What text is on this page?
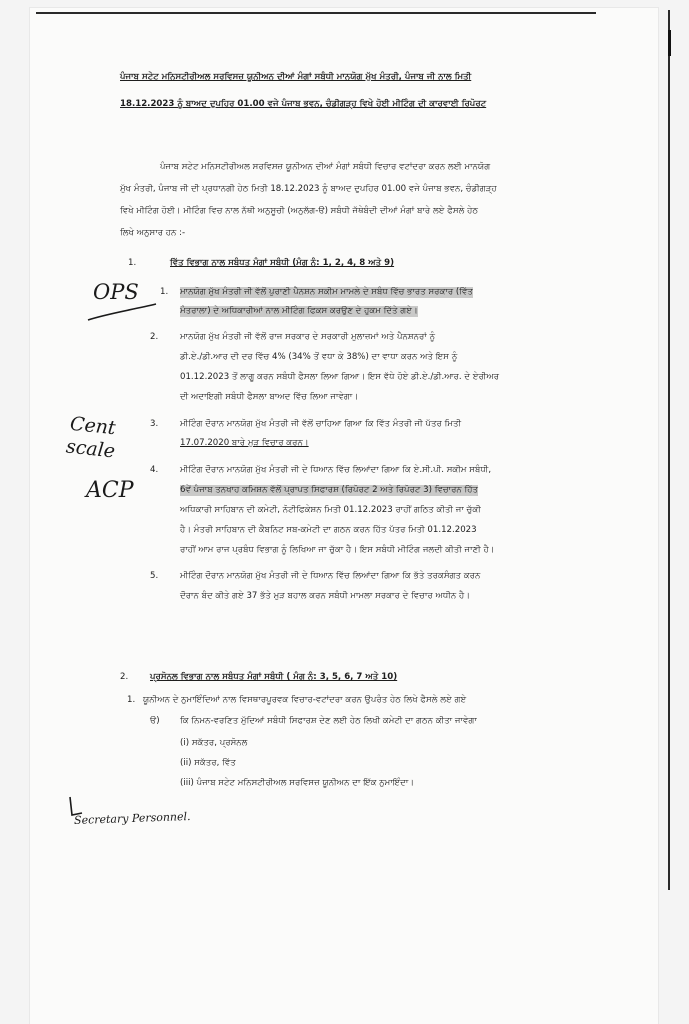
ਪੰਜਾਬ ਸਟੇਟ ਮਨਿਸਟੀਰੀਅਲ ਸਰਵਿਸਜ਼ ਯੂਨੀਅਨ ਦੀਆਂ ਮੰਗਾਂ ਸਬੰਧੀ ਮਾਨਯੋਗ ਮੁੱਖ ਮੰਤਰੀ, ਪੰਜਾਬ ਜੀ ਨਾਲ ਮਿਤੀ
18.12.2023 ਨੂੰ ਬਾਅਦ ਦੁਪਹਿਰ 01.00 ਵਜੇ ਪੰਜਾਬ ਭਵਨ, ਚੰਡੀਗੜ੍ਹ ਵਿਖੇ ਹੋਈ ਮੀਟਿੰਗ ਦੀ ਕਾਰਵਾਈ ਰਿਪੋਰਟ
ਪੰਜਾਬ ਸਟੇਟ ਮਨਿਸਟੀਰੀਅਲ ਸਰਵਿਸਜ਼ ਯੂਨੀਅਨ ਦੀਆਂ ਮੰਗਾਂ ਸਬੰਧੀ ਵਿਚਾਰ ਵਟਾਂਦਰਾ ਕਰਨ ਲਈ ਮਾਨਯੋਗ
ਮੁੱਖ ਮੰਤਰੀ, ਪੰਜਾਬ ਜੀ ਦੀ ਪ੍ਰਧਾਨਗੀ ਹੇਠ ਮਿਤੀ 18.12.2023 ਨੂੰ ਬਾਅਦ ਦੁਪਹਿਰ 01.00 ਵਜੇ ਪੰਜਾਬ ਭਵਨ, ਚੰਡੀਗੜ੍ਹ
ਵਿਖੇ ਮੀਟਿੰਗ ਹੋਈ। ਮੀਟਿੰਗ ਵਿਚ ਨਾਲ ਨੱਥੀ ਅਨੁਸੂਚੀ (ਅਨੁਲੱਗ-ੳ) ਸਬੰਧੀ ਜੱਥੇਬੰਦੀ ਦੀਆਂ ਮੰਗਾਂ ਬਾਰੇ ਲਏ ਫੈਸਲੇ ਹੇਠ
ਲਿਖੇ ਅਨੁਸਾਰ ਹਨ :-
1.	ਵਿੱਤ ਵਿਭਾਗ ਨਾਲ ਸਬੰਧਤ ਮੰਗਾਂ ਸਬੰਧੀ (ਮੰਗ ਨੰ: 1, 2, 4, 8 ਅਤੇ 9)
1. ਮਾਨਯੋਗ ਮੁੱਖ ਮੰਤਰੀ ਜੀ ਵੱਲੋਂ ਪੁਰਾਣੀ ਪੈਨਸ਼ਨ ਸਕੀਮ ਮਾਮਲੇ ਦੇ ਸਬੰਧ ਵਿੱਚ ਭਾਰਤ ਸਰਕਾਰ (ਵਿੱਤ
ਮੰਤਰਾਲਾ) ਦੇ ਅਧਿਕਾਰੀਆਂ ਨਾਲ ਮੀਟਿੰਗ ਫਿਕਸ ਕਰਉਣ ਦੇ ਹੁਕਮ ਦਿੱਤੇ ਗਏ।
2.	ਮਾਨਯੋਗ ਮੁੱਖ ਮੰਤਰੀ ਜੀ ਵੱਲੋਂ ਰਾਜ ਸਰਕਾਰ ਦੇ ਸਰਕਾਰੀ ਮੁਲਾਜ਼ਮਾਂ ਅਤੇ ਪੈਨਸ਼ਨਰਾਂ ਨੂੰ
ਡੀ.ਏ./ਡੀ.ਆਰ ਦੀ ਦਰ ਵਿੱਚ 4% (34% ਤੋਂ ਵਧਾ ਕੇ 38%) ਦਾ ਵਾਧਾ ਕਰਨ ਅਤੇ ਇਸ ਨੂੰ
01.12.2023 ਤੋਂ ਲਾਗੂ ਕਰਨ ਸਬੰਧੀ ਫੈਸਲਾ ਲਿਆ ਗਿਆ। ਇਸ ਵੱਧੇ ਹੋਏ ਡੀ.ਏ./ਡੀ.ਆਰ. ਦੇ ਏਰੀਅਰ
ਦੀ ਅਦਾਇਗੀ ਸਬੰਧੀ ਫੈਸਲਾ ਬਾਅਦ ਵਿੱਚ ਲਿਆ ਜਾਵੇਗਾ।
3.	ਮੀਟਿੰਗ ਦੌਰਾਨ ਮਾਨਯੋਗ ਮੁੱਖ ਮੰਤਰੀ ਜੀ ਵੱਲੋਂ ਚਾਹਿਆ ਗਿਆ ਕਿ ਵਿੱਤ ਮੰਤਰੀ ਜੀ ਪੱਤਰ ਮਿਤੀ
17.07.2020 ਬਾਰੇ ਮੁੜ ਵਿਚਾਰ ਕਰਨ।
4.	ਮੀਟਿੰਗ ਦੌਰਾਨ ਮਾਨਯੋਗ ਮੁੱਖ ਮੰਤਰੀ ਜੀ ਦੇ ਧਿਆਨ ਵਿੱਚ ਲਿਆਂਦਾ ਗਿਆ ਕਿ ਏ.ਸੀ.ਪੀ. ਸਕੀਮ ਸਬੰਧੀ,
6ਵੇਂ ਪੰਜਾਬ ਤਨਖਾਹ ਕਮਿਸ਼ਨ ਵੱਲੋਂ ਪ੍ਰਾਪਤ ਸਿਫਾਰਸ਼ (ਰਿਪੋਰਟ 2 ਅਤੇ ਰਿਪੋਰਟ 3) ਵਿਚਾਰਨ ਹਿੱਤ
ਅਧਿਕਾਰੀ ਸਾਹਿਬਾਨ ਦੀ ਕਮੇਟੀ, ਨੋਟੀਫਿਕੇਸ਼ਨ ਮਿਤੀ 01.12.2023 ਰਾਹੀਂ ਗਠਿਤ ਕੀਤੀ ਜਾ ਚੁੱਕੀ
ਹੈ। ਮੰਤਰੀ ਸਾਹਿਬਾਨ ਦੀ ਕੈਬਨਿਟ ਸਬ-ਕਮੇਟੀ ਦਾ ਗਠਨ ਕਰਨ ਹਿੱਤ ਪੱਤਰ ਮਿਤੀ 01.12.2023
ਰਾਹੀਂ ਆਮ ਰਾਜ ਪ੍ਰਬੰਧ ਵਿਭਾਗ ਨੂੰ ਲਿਖਿਆ ਜਾ ਚੁੱਕਾ ਹੈ। ਇਸ ਸਬੰਧੀ ਮੀਟਿੰਗ ਜਲਦੀ ਕੀਤੀ ਜਾਣੀ ਹੈ।
5.	ਮੀਟਿੰਗ ਦੌਰਾਨ ਮਾਨਯੋਗ ਮੁੱਖ ਮੰਤਰੀ ਜੀ ਦੇ ਧਿਆਨ ਵਿੱਚ ਲਿਆਂਦਾ ਗਿਆ ਕਿ ਭੱਤੇ ਤਰਕਸੰਗਤ ਕਰਨ
ਦੌਰਾਨ ਬੰਦ ਕੀਤੇ ਗਏ 37 ਭੱਤੇ ਮੁੜ ਬਹਾਲ ਕਰਨ ਸਬੰਧੀ ਮਾਮਲਾ ਸਰਕਾਰ ਦੇ ਵਿਚਾਰ ਅਧੀਨ ਹੈ।
2.	ਪ੍ਰਸੋਨਲ ਵਿਭਾਗ ਨਾਲ ਸਬੰਧਤ ਮੰਗਾਂ ਸਬੰਧੀ ( ਮੰਗ ਨੰ: 3, 5, 6, 7 ਅਤੇ 10)
1. ਯੂਨੀਅਨ ਦੇ ਨੁਮਾਇੰਦਿਆਂ ਨਾਲ ਵਿਸਥਾਰਪੂਰਵਕ ਵਿਚਾਰ-ਵਟਾਂਦਰਾ ਕਰਨ ਉਪਰੰਤ ਹੇਠ ਲਿਖੇ ਫੈਸਲੇ ਲਏ ਗਏ
ੳ) ਕਿ ਨਿਮਨ-ਵਰਣਿਤ ਮੁੱਦਿਆਂ ਸਬੰਧੀ ਸਿਫਾਰਸ਼ ਦੇਣ ਲਈ ਹੇਠ ਲਿਖੀ ਕਮੇਟੀ ਦਾ ਗਠਨ ਕੀਤਾ ਜਾਵੇਗਾ
(i) ਸਕੱਤਰ, ਪ੍ਰਸੋਨਲ
(ii) ਸਕੱਤਰ, ਵਿੱਤ
(iii) ਪੰਜਾਬ ਸਟੇਟ ਮਨਿਸਟੀਰੀਅਲ ਸਰਵਿਸਜ਼ ਯੂਨੀਅਨ ਦਾ ਇੱਕ ਨੁਮਾਇੰਦਾ।
OPS
Cent
scale
ACP
Secretary Personnel.
